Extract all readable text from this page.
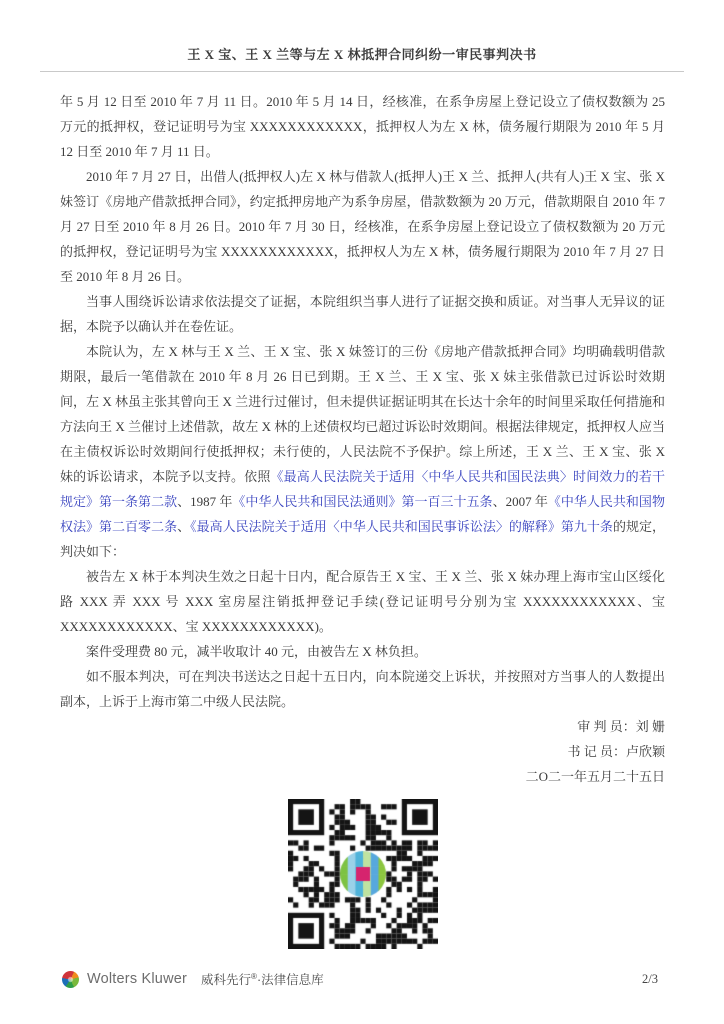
王 X 宝、王 X 兰等与左 X 林抵押合同纠纷一审民事判决书

年 5 月 12 日至 2010 年 7 月 11 日。2010 年 5 月 14 日，经核准，在系争房屋上登记设立了债权数额为 25 万元的抵押权，登记证明号为宝 XXXXXXXXXXXX，抵押权人为左 X 林，债务履行期限为 2010 年 5 月 12 日至 2010 年 7 月 11 日。

2010 年 7 月 27 日，出借人(抵押权人)左 X 林与借款人(抵押人)王 X 兰、抵押人(共有人)王 X 宝、张 X 妹签订《房地产借款抵押合同》，约定抵押房地产为系争房屋，借款数额为 20 万元，借款期限自 2010 年 7 月 27 日至 2010 年 8 月 26 日。2010 年 7 月 30 日，经核准，在系争房屋上登记设立了债权数额为 20 万元的抵押权，登记证明号为宝 XXXXXXXXXXXX，抵押权人为左 X 林，债务履行期限为 2010 年 7 月 27 日至 2010 年 8 月 26 日。

当事人围绕诉讼请求依法提交了证据，本院组织当事人进行了证据交换和质证。对当事人无异议的证据，本院予以确认并在卷佐证。

本院认为，左 X 林与王 X 兰、王 X 宝、张 X 妹签订的三份《房地产借款抵押合同》均明确载明借款期限，最后一笔借款在 2010 年 8 月 26 日已到期。王 X 兰、王 X 宝、张 X 妹主张借款已过诉讼时效期间，左 X 林虽主张其曾向王 X 兰进行过催讨，但未提供证据证明其在长达十余年的时间里采取任何措施和方法向王 X 兰催讨上述借款，故左 X 林的上述债权均已超过诉讼时效期间。根据法律规定，抵押权人应当在主债权诉讼时效期间行使抵押权；未行使的，人民法院不予保护。综上所述，王 X 兰、王 X 宝、张 X 妹的诉讼请求，本院予以支持。依照《最高人民法院关于适用〈中华人民共和国民法典〉时间效力的若干规定》第一条第二款、1987 年《中华人民共和国民法通则》第一百三十五条、2007 年《中华人民共和国物权法》第二百零二条、《最高人民法院关于适用〈中华人民共和国民事诉讼法〉的解释》第九十条的规定，判决如下：

被告左 X 林于本判决生效之日起十日内，配合原告王 X 宝、王 X 兰、张 X 妹办理上海市宝山区绥化路 XXX 弄 XXX 号 XXX 室房屋注销抵押登记手续(登记证明号分别为宝 XXXXXXXXXXXX、宝 XXXXXXXXXXXX、宝 XXXXXXXXXXXX)。

案件受理费 80 元，减半收取计 40 元，由被告左 X 林负担。

如不服本判决，可在判决书送达之日起十五日内，向本院递交上诉状，并按照对方当事人的人数提出副本，上诉于上海市第二中级人民法院。

审 判 员：刘 姗
书 记 员：卢欣颖
二O二一年五月二十五日
Wolters Kluwer 威科先行®·法律信息库	2/3
